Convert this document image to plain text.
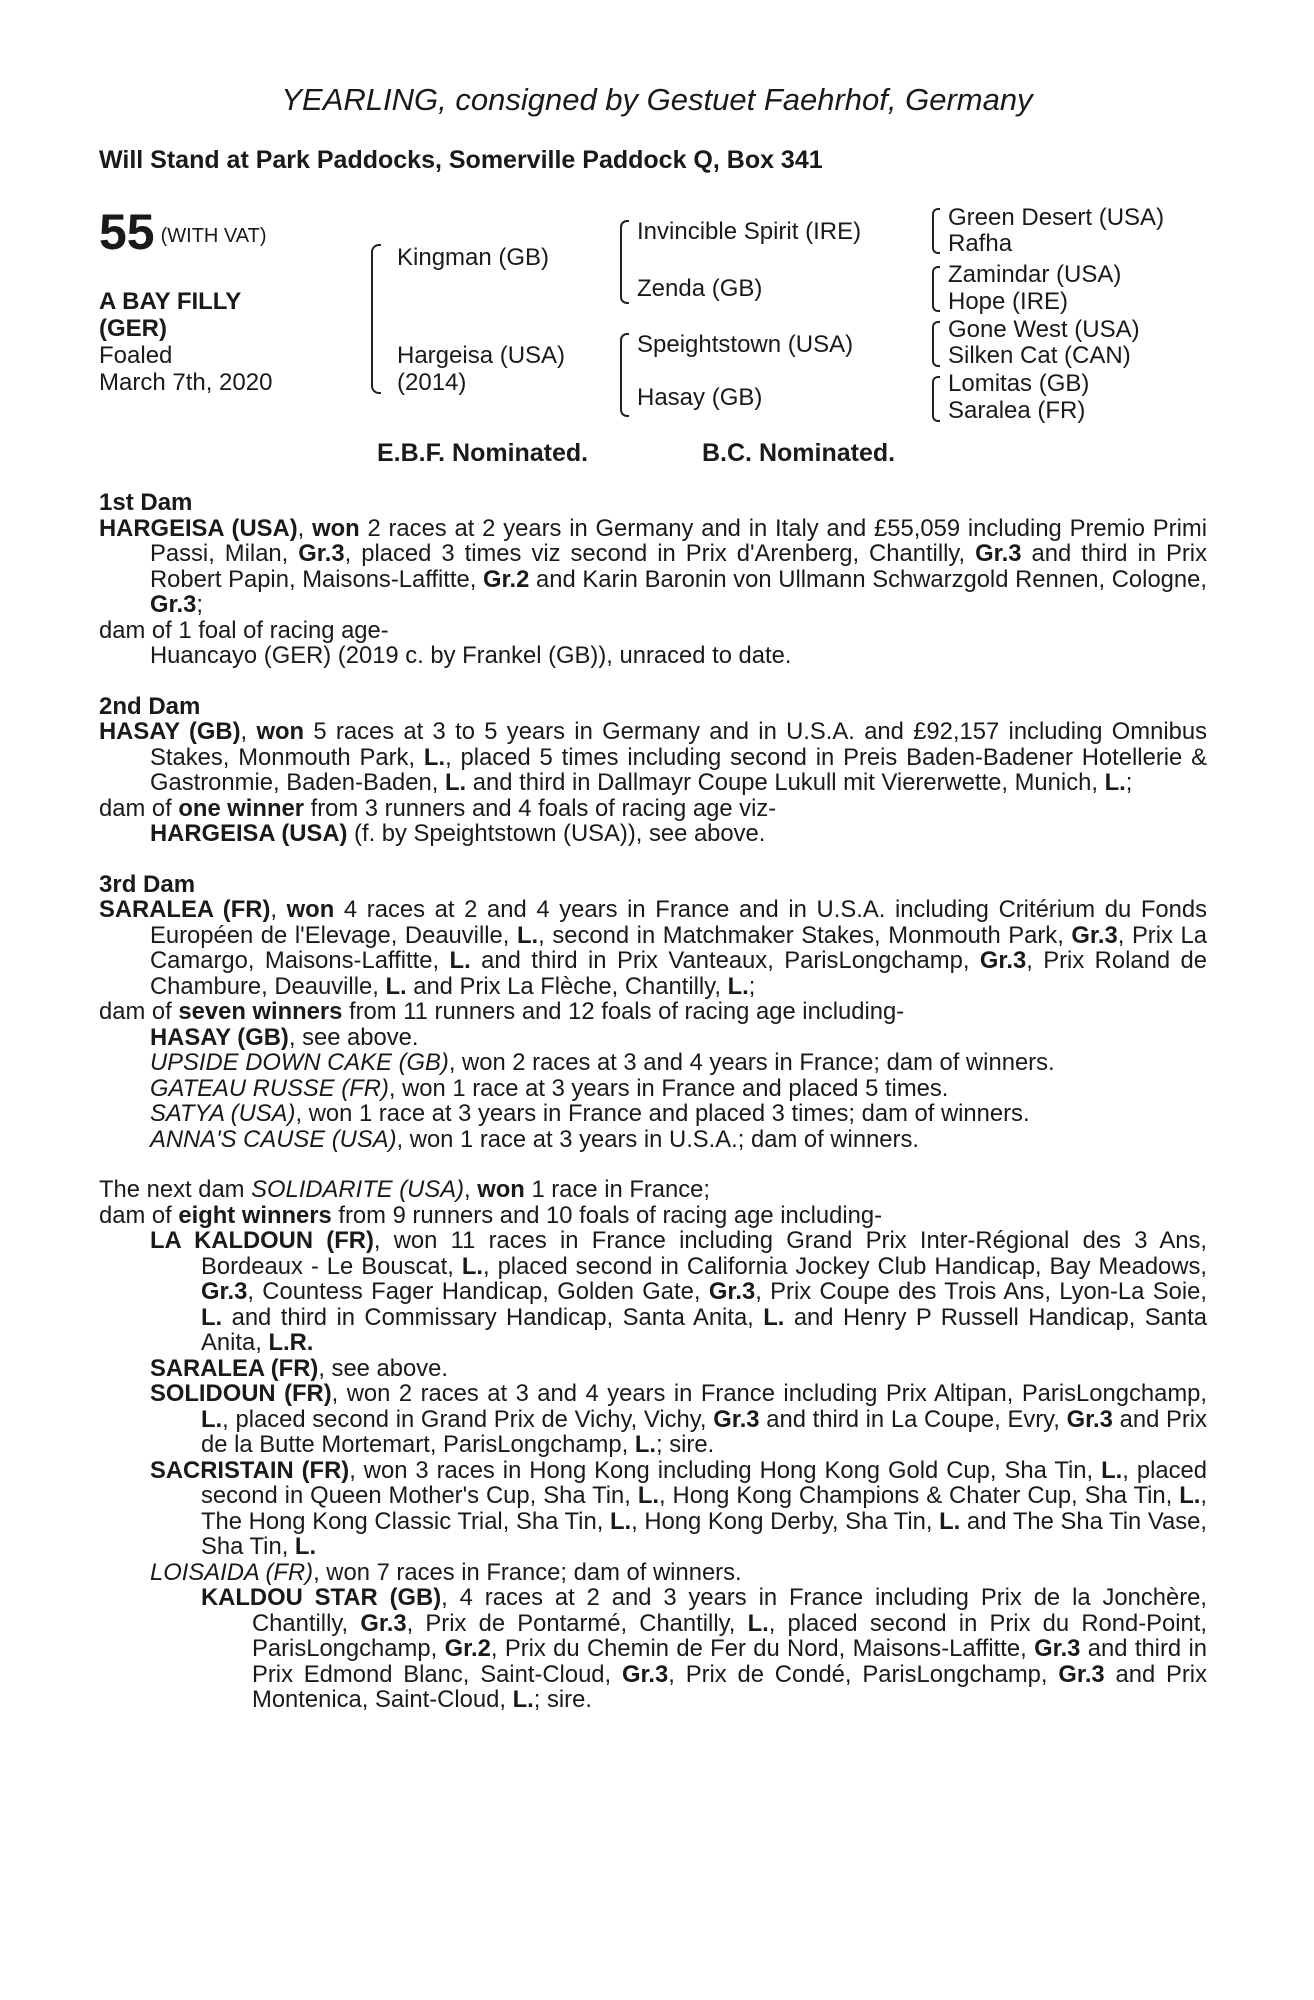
YEARLING, consigned by Gestuet Faehrhof, Germany
Will Stand at Park Paddocks, Somerville Paddock Q, Box 341
55 (WITH VAT)
A BAY FILLY
(GER)
Foaled
March 7th, 2020
Kingman (GB)
Hargeisa (USA)
(2014)
Invincible Spirit (IRE)
Zenda (GB)
Speightstown (USA)
Hasay (GB)
Green Desert (USA)
Rafha
Zamindar (USA)
Hope (IRE)
Gone West (USA)
Silken Cat (CAN)
Lomitas (GB)
Saralea (FR)
E.B.F. Nominated.	B.C. Nominated.
1st Dam
HARGEISA (USA), won 2 races at 2 years in Germany and in Italy and £55,059 including Premio Primi Passi, Milan, Gr.3, placed 3 times viz second in Prix d'Arenberg, Chantilly, Gr.3 and third in Prix Robert Papin, Maisons-Laffitte, Gr.2 and Karin Baronin von Ullmann Schwarzgold Rennen, Cologne, Gr.3;
dam of 1 foal of racing age-
Huancayo (GER) (2019 c. by Frankel (GB)), unraced to date.
2nd Dam
HASAY (GB), won 5 races at 3 to 5 years in Germany and in U.S.A. and £92,157 including Omnibus Stakes, Monmouth Park, L., placed 5 times including second in Preis Baden-Badener Hotellerie & Gastronmie, Baden-Baden, L. and third in Dallmayr Coupe Lukull mit Viererwette, Munich, L.;
dam of one winner from 3 runners and 4 foals of racing age viz-
HARGEISA (USA) (f. by Speightstown (USA)), see above.
3rd Dam
SARALEA (FR), won 4 races at 2 and 4 years in France and in U.S.A. including Critérium du Fonds Européen de l'Elevage, Deauville, L., second in Matchmaker Stakes, Monmouth Park, Gr.3, Prix La Camargo, Maisons-Laffitte, L. and third in Prix Vanteaux, ParisLongchamp, Gr.3, Prix Roland de Chambure, Deauville, L. and Prix La Flèche, Chantilly, L.;
dam of seven winners from 11 runners and 12 foals of racing age including-
HASAY (GB), see above.
UPSIDE DOWN CAKE (GB), won 2 races at 3 and 4 years in France; dam of winners.
GATEAU RUSSE (FR), won 1 race at 3 years in France and placed 5 times.
SATYA (USA), won 1 race at 3 years in France and placed 3 times; dam of winners.
ANNA'S CAUSE (USA), won 1 race at 3 years in U.S.A.; dam of winners.
The next dam SOLIDARITE (USA), won 1 race in France;
dam of eight winners from 9 runners and 10 foals of racing age including-
LA KALDOUN (FR), won 11 races in France including Grand Prix Inter-Régional des 3 Ans, Bordeaux - Le Bouscat, L., placed second in California Jockey Club Handicap, Bay Meadows, Gr.3, Countess Fager Handicap, Golden Gate, Gr.3, Prix Coupe des Trois Ans, Lyon-La Soie, L. and third in Commissary Handicap, Santa Anita, L. and Henry P Russell Handicap, Santa Anita, L.R.
SARALEA (FR), see above.
SOLIDOUN (FR), won 2 races at 3 and 4 years in France including Prix Altipan, ParisLongchamp, L., placed second in Grand Prix de Vichy, Vichy, Gr.3 and third in La Coupe, Evry, Gr.3 and Prix de la Butte Mortemart, ParisLongchamp, L.; sire.
SACRISTAIN (FR), won 3 races in Hong Kong including Hong Kong Gold Cup, Sha Tin, L., placed second in Queen Mother's Cup, Sha Tin, L., Hong Kong Champions & Chater Cup, Sha Tin, L., The Hong Kong Classic Trial, Sha Tin, L., Hong Kong Derby, Sha Tin, L. and The Sha Tin Vase, Sha Tin, L.
LOISAIDA (FR), won 7 races in France; dam of winners.
KALDOU STAR (GB), 4 races at 2 and 3 years in France including Prix de la Jonchère, Chantilly, Gr.3, Prix de Pontarmé, Chantilly, L., placed second in Prix du Rond-Point, ParisLongchamp, Gr.2, Prix du Chemin de Fer du Nord, Maisons-Laffitte, Gr.3 and third in Prix Edmond Blanc, Saint-Cloud, Gr.3, Prix de Condé, ParisLongchamp, Gr.3 and Prix Montenica, Saint-Cloud, L.; sire.
